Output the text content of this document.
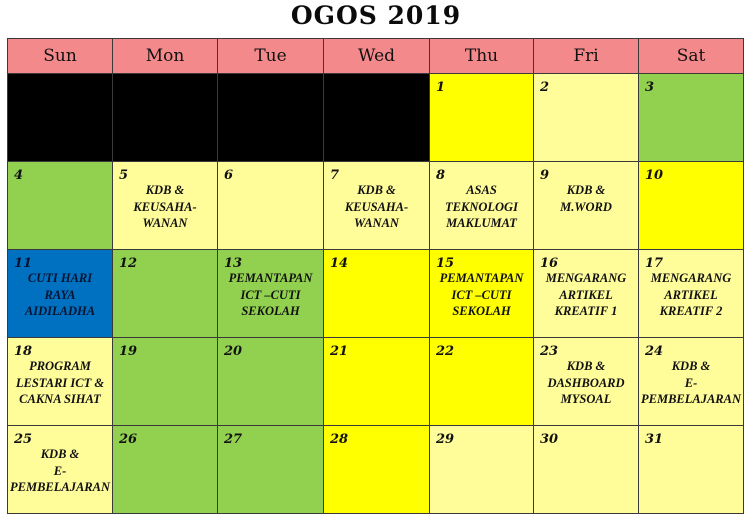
OGOS 2019
Sun	Mon	Tue	Wed	Thu	Fri	Sat

				1	2	3

4	5
KDB &
KEUSAHA-
WANAN	6	7
KDB &
KEUSAHA-
WANAN	8
ASAS
TEKNOLOGI
MAKLUMAT	9
KDB &
M.WORD	10

11
CUTI HARI
RAYA
AIDILADHA	12	13
PEMANTAPAN
ICT –CUTI
SEKOLAH	14	15
PEMANTAPAN
ICT –CUTI
SEKOLAH	16
MENGARANG
ARTIKEL
KREATIF 1	17
MENGARANG
ARTIKEL
KREATIF 2

18
PROGRAM
LESTARI ICT &
CAKNA SIHAT	19	20	21	22	23
KDB &
DASHBOARD
MYSOAL	24
KDB &
E-
PEMBELAJARAN

25
KDB &
E-
PEMBELAJARAN	26	27	28	29	30	31
